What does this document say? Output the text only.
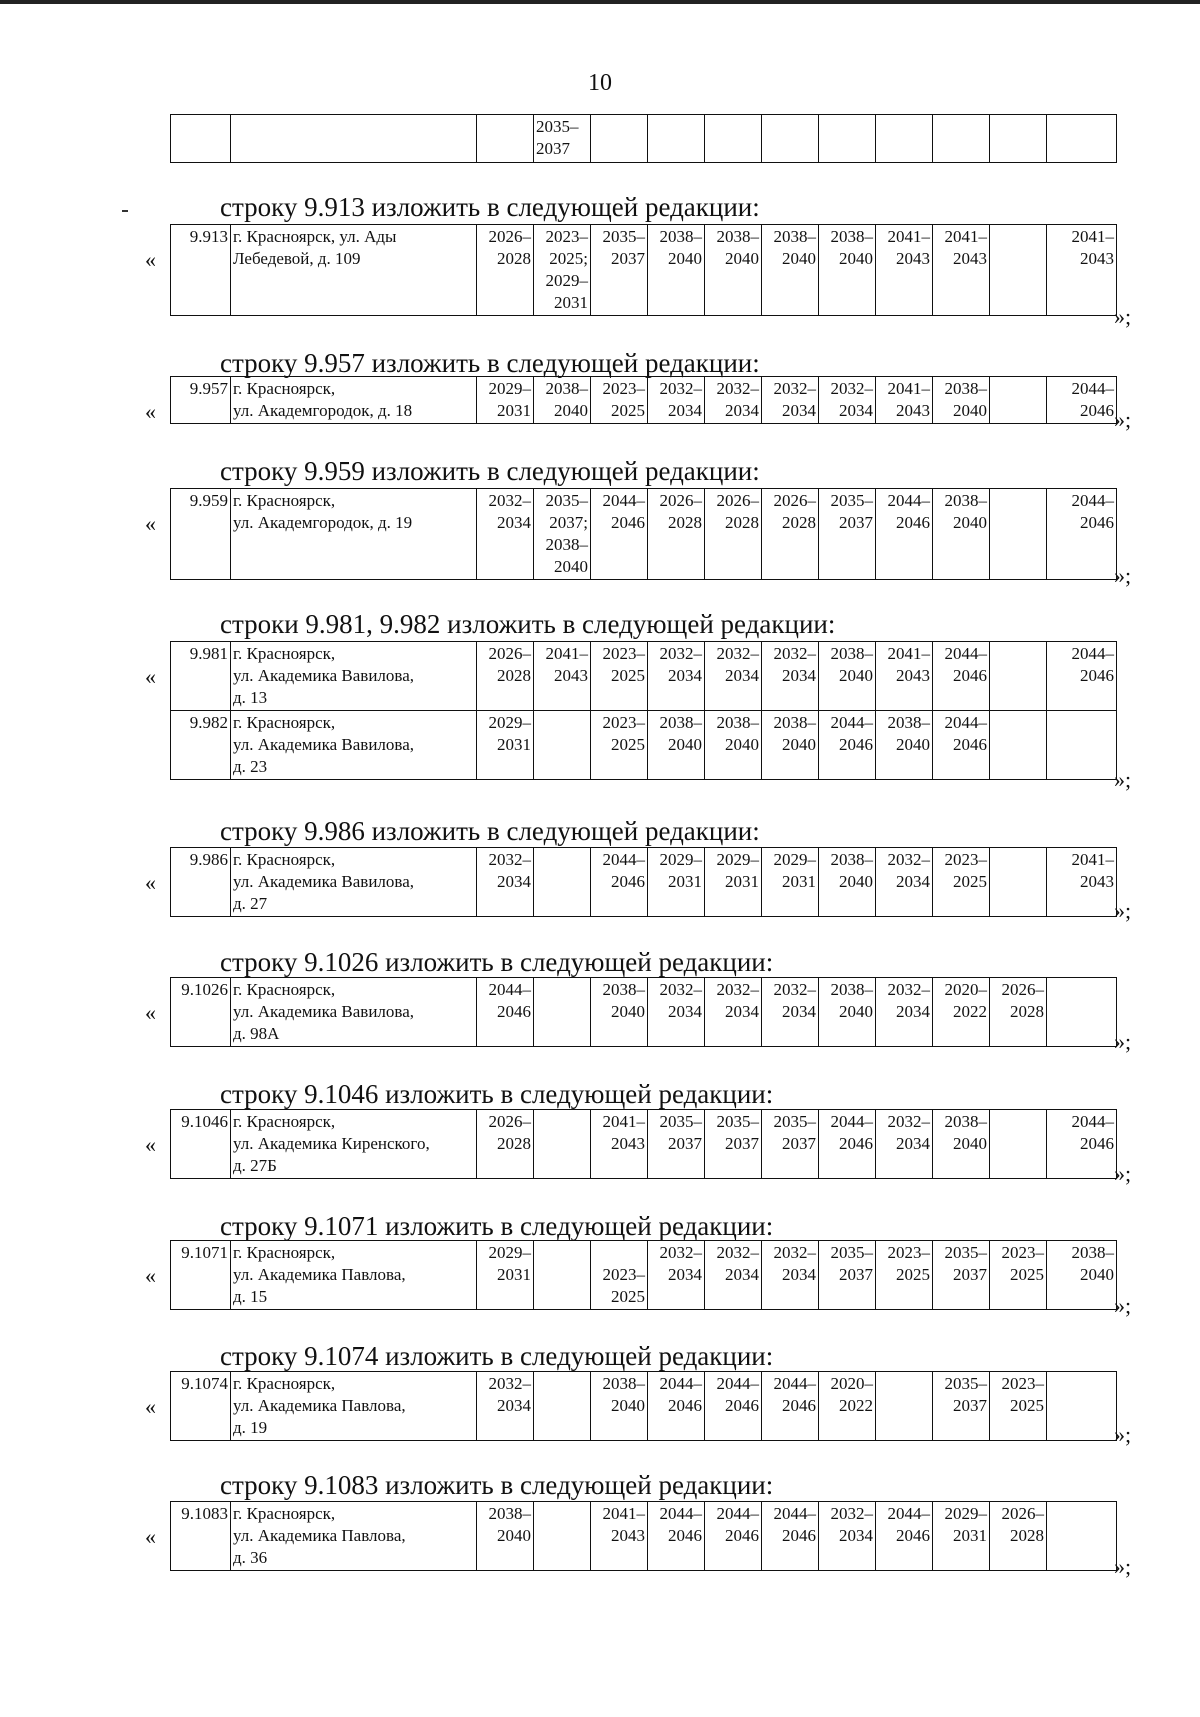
10
			2035–
2037									
строку 9.913 изложить в следующей редакции:
«
9.913	г. Красноярск, ул. Ады
Лебедевой, д. 109	2026–
2028	2023–
2025;
2029–
2031	2035–
2037	2038–
2040	2038–
2040	2038–
2040	2038–
2040	2041–
2043	2041–
2043		2041–
2043
»;
строку 9.957 изложить в следующей редакции:
«
9.957	г. Красноярск,
ул. Академгородок, д. 18	2029–
2031	2038–
2040	2023–
2025	2032–
2034	2032–
2034	2032–
2034	2032–
2034	2041–
2043	2038–
2040		2044–
2046 »;
строку 9.959 изложить в следующей редакции:
«
9.959	г. Красноярск,
ул. Академгородок, д. 19	2032–
2034	2035–
2037;
2038–
2040	2044–
2046	2026–
2028	2026–
2028	2026–
2028	2035–
2037	2044–
2046	2038–
2040		2044–
2046
»;
строки 9.981, 9.982 изложить в следующей редакции:
«
9.981	г. Красноярск,
ул. Академика Вавилова,
д. 13	2026–
2028	2041–
2043	2023–
2025	2032–
2034	2032–
2034	2032–
2034	2038–
2040	2041–
2043	2044–
2046		2044–
2046
9.982	г. Красноярск,
ул. Академика Вавилова,
д. 23	2029–
2031		2023–
2025	2038–
2040	2038–
2040	2038–
2040	2044–
2046	2038–
2040	2044–
2046		
»;
строку 9.986 изложить в следующей редакции:
«
9.986	г. Красноярск,
ул. Академика Вавилова,
д. 27	2032–
2034		2044–
2046	2029–
2031	2029–
2031	2029–
2031	2038–
2040	2032–
2034	2023–
2025		2041–
2043
»;
строку 9.1026 изложить в следующей редакции:
«
9.1026	г. Красноярск,
ул. Академика Вавилова,
д. 98А	2044–
2046		2038–
2040	2032–
2034	2032–
2034	2032–
2034	2038–
2040	2032–
2034	2020–
2022	2026–
2028	
»;
строку 9.1046 изложить в следующей редакции:
«
9.1046	г. Красноярск,
ул. Академика Киренского,
д. 27Б	2026–
2028		2041–
2043	2035–
2037	2035–
2037	2035–
2037	2044–
2046	2032–
2034	2038–
2040		2044–
2046
»;
строку 9.1071 изложить в следующей редакции:
«
9.1071	г. Красноярск,
ул. Академика Павлова,
д. 15	2029–
2031		2023–
2025	2032–
2034	2032–
2034	2032–
2034	2035–
2037	2023–
2025	2035–
2037	2023–
2025	2038–
2040
»;
строку 9.1074 изложить в следующей редакции:
«
9.1074	г. Красноярск,
ул. Академика Павлова,
д. 19	2032–
2034		2038–
2040	2044–
2046	2044–
2046	2044–
2046	2020–
2022		2035–
2037	2023–
2025	
»;
строку 9.1083 изложить в следующей редакции:
«
9.1083	г. Красноярск,
ул. Академика Павлова,
д. 36	2038–
2040		2041–
2043	2044–
2046	2044–
2046	2044–
2046	2032–
2034	2044–
2046	2029–
2031	2026–
2028	
»;
